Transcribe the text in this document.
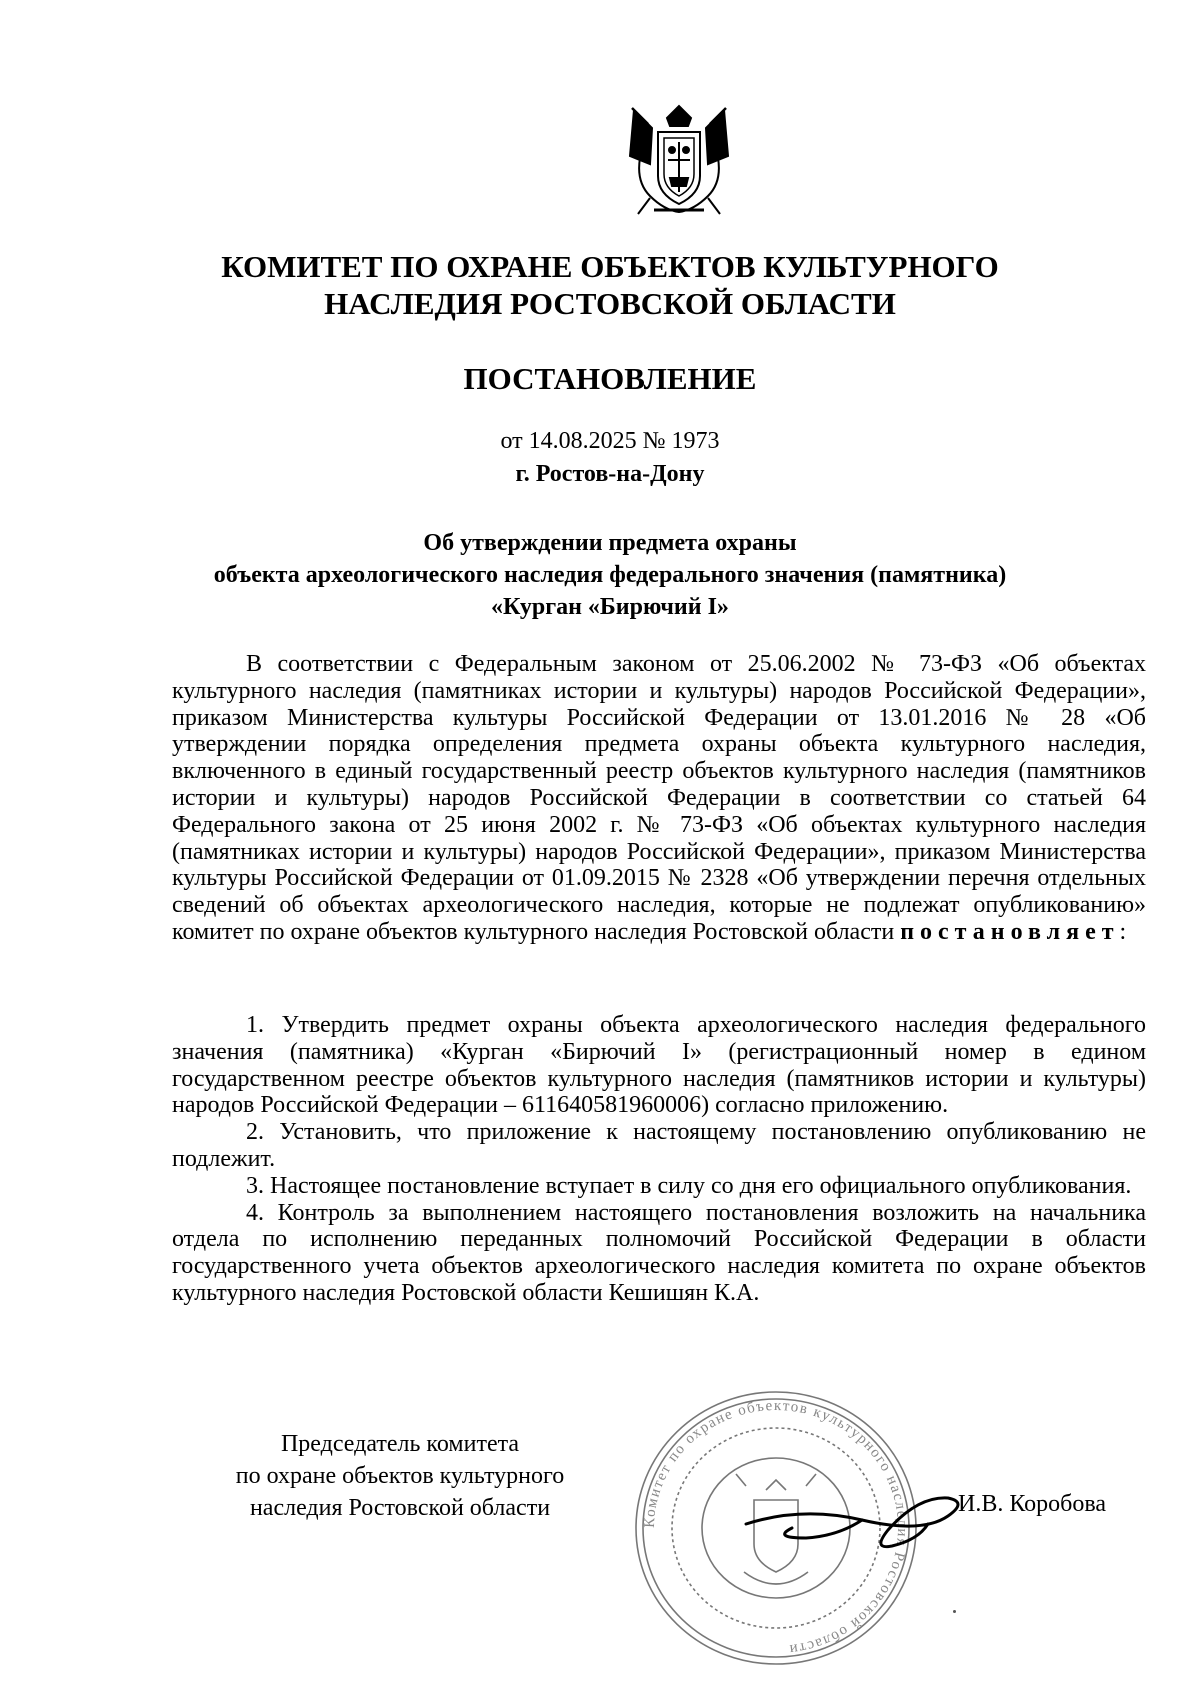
КОМИТЕТ ПО ОХРАНЕ ОБЪЕКТОВ КУЛЬТУРНОГО
НАСЛЕДИЯ РОСТОВСКОЙ ОБЛАСТИ
ПОСТАНОВЛЕНИЕ
от 14.08.2025 № 1973
г. Ростов-на-Дону
Об утверждении предмета охраны
объекта археологического наследия федерального значения (памятника)
«Курган «Бирючий I»
В соответствии с Федеральным законом от 25.06.2002 № 73-ФЗ «Об объектах культурного наследия (памятниках истории и культуры) народов Российской Федерации», приказом Министерства культуры Российской Федерации от 13.01.2016 № 28 «Об утверждении порядка определения предмета охраны объекта культурного наследия, включенного в единый государственный реестр объектов культурного наследия (памятников истории и культуры) народов Российской Федерации в соответствии со статьей 64 Федерального закона от 25 июня 2002 г. № 73-ФЗ «Об объектах культурного наследия (памятниках истории и культуры) народов Российской Федерации», приказом Министерства культуры Российской Федерации от 01.09.2015 № 2328 «Об утверждении перечня отдельных сведений об объектах археологического наследия, которые не подлежат опубликованию» комитет по охране объектов культурного наследия Ростовской области постановляет:
1. Утвердить предмет охраны объекта археологического наследия федерального значения (памятника) «Курган «Бирючий I» (регистрационный номер в едином государственном реестре объектов культурного наследия (памятников истории и культуры) народов Российской Федерации – 611640581960006) согласно приложению.
2. Установить, что приложение к настоящему постановлению опубликованию не подлежит.
3. Настоящее постановление вступает в силу со дня его официального опубликования.
4. Контроль за выполнением настоящего постановления возложить на начальника отдела по исполнению переданных полномочий Российской Федерации в области государственного учета объектов археологического наследия комитета по охране объектов культурного наследия Ростовской области Кешишян К.А.
Председатель комитета
по охране объектов культурного
наследия Ростовской области
Комитет по охране объектов культурного наследия Ростовской области
И.В. Коробова
